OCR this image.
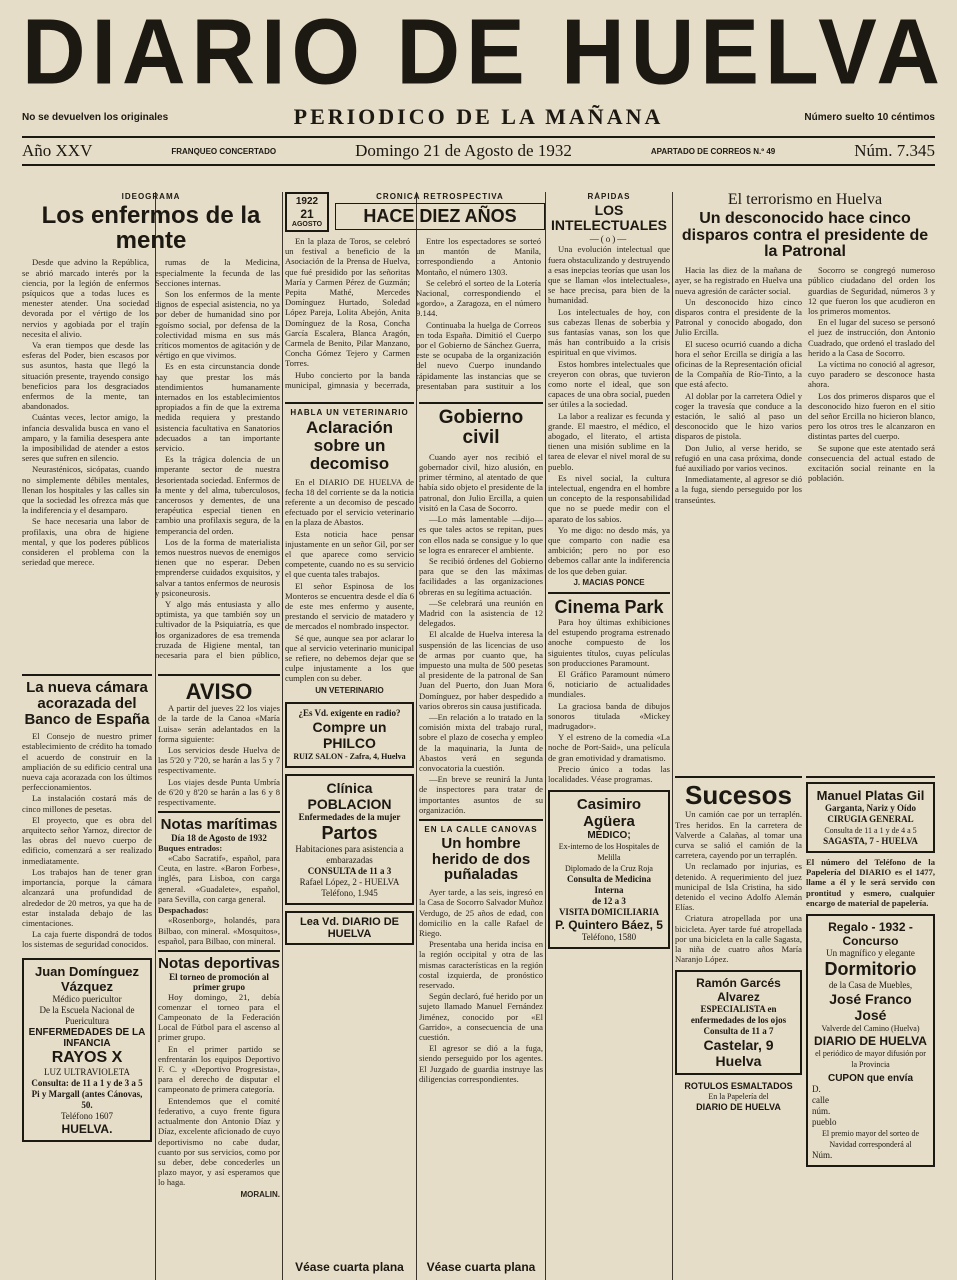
DIARIO DE HUELVA
No se devuelven los originales	PERIODICO DE LA MAÑANA	Número suelto 10 céntimos
Año XXV	FRANQUEO CONCERTADO	Domingo 21 de Agosto de 1932	APARTADO DE CORREOS N.º 49	Núm. 7.345
IDEOGRAMA
Los enfermos de la mente

Desde que advino la República, se abrió marcado interés por la ciencia, por la legión de enfermos psíquicos que a todas luces es menester atender. Una sociedad devorada por el vértigo de los nervios y agobiada por el trajín necesita el alivio.

Va eran tiempos que desde las esferas del Poder, bien escasos por sus asuntos, hasta que llegó la situación presente, trayendo consigo beneficios para los desgraciados enfermos de la mente, tan abandonados.

Cuántas veces, lector amigo, la infancia desvalida busca en vano el amparo, y la familia desespera ante la imposibilidad de atender a estos seres que sufren en silencio.

Neurasténicos, sicópatas, cuando no simplemente débiles mentales, llenan los hospitales y las calles sin que la sociedad les ofrezca más que la indiferencia y el desamparo.

Se hace necesaria una labor de profilaxis, una obra de higiene mental, y que los poderes públicos consideren el problema con la seriedad que merece.

rumas de la Medicina, especialmente la fecunda de las Secciones internas.

Son los enfermos de la mente dignos de especial asistencia, no ya por deber de humanidad sino por egoísmo social, por defensa de la colectividad misma en sus más críticos momentos de agitación y de vértigo en que vivimos.

Es en esta circunstancia donde hay que prestar los más atendimientos humanamente internados en los establecimientos apropiados a fin de que la extrema medida requiera y prestando asistencia facultativa en Sanatorios adecuados a tan importante servicio.

Es la trágica dolencia de un imperante sector de nuestra desorientada sociedad. Enfermos de la mente y del alma, tuberculosos, cancerosos y dementes, de una terapéutica especial tienen en cambio una profilaxis segura, de la temperancia del orden.

Los de la forma de materialista temos nuestros nuevos de enemigos tienen que no esperar. Deben emprenderse cuidados exquisitos, y salvar a tantos enfermos de neurosis y psiconeurosis.

Y algo más entusiasta y allo optimista, ya que también soy un cultivador de la Psiquiatría, es que los organizadores de esa tremenda cruzada de Higiene mental, tan necesaria para el bien público,

La nueva cámara acorazada del Banco de España

El Consejo de nuestro primer establecimiento de crédito ha tomado el acuerdo de construir en la ampliación de su edificio central una nueva caja acorazada con los últimos perfeccionamientos.

La instalación costará más de cinco millones de pesetas.

El proyecto, que es obra del arquitecto señor Yarnoz, director de las obras del nuevo cuerpo de edificio, comenzará a ser realizado inmediatamente.

Los trabajos han de tener gran importancia, porque la cámara alcanzará una profundidad de alrededor de 20 metros, ya que ha de estar instalada debajo de las cimentaciones.

La caja fuerte dispondrá de todos los sistemas de seguridad conocidos.

Juan Domínguez Vázquez
Médico puericultor
De la Escuela Nacional de Puericultura
ENFERMEDADES DE LA INFANCIA
RAYOS X
LUZ ULTRAVIOLETA
Consulta: de 11 a 1 y de 3 a 5
Pi y Margall (antes Cánovas, 50.
Teléfono 1607
HUELVA.
AVISO

A partir del jueves 22 los viajes de la tarde de la Canoa «María Luisa» serán adelantados en la forma siguiente:

Los servicios desde Huelva de las 5'20 y 7'20, se harán a las 5 y 7 respectivamente.

Los viajes desde Punta Umbría de 6'20 y 8'20 se harán a las 6 y 8 respectivamente.

Notas marítimas
Día 18 de Agosto de 1932
Buques entrados:

«Cabo Sacratif», español, para Ceuta, en lastre. «Baron Forbes», inglés, para Lisboa, con carga general. «Guadalete», español, para Sevilla, con carga general.

Despachados:

«Rosenborg», holandés, para Bilbao, con mineral. «Mosquitos», español, para Bilbao, con mineral.

Notas deportivas
El torneo de promoción al primer grupo

Hoy domingo, 21, debía comenzar el torneo para el Campeonato de la Federación Local de Fútbol para el ascenso al primer grupo.

En el primer partido se enfrentarán los equipos Deportivo F. C. y «Deportivo Progresista», para el derecho de disputar el campeonato de primera categoría.

Entendemos que el comité federativo, a cuyo frente figura actualmente don Antonio Díaz y Díaz, excelente aficionado de cuyo deportivismo no cabe dudar, cuanto por sus servicios, como por su deber, debe concederles un plazo mayor, y así esperamos que lo haga.

MORALIN.
1922
21
AGOSTO
CRONICA RETROSPECTIVA
HACE DIEZ AÑOS

En la plaza de Toros, se celebró un festival a beneficio de la Asociación de la Prensa de Huelva, que fué presidido por las señoritas María y Carmen Pérez de Guzmán; Pepita Mathé, Mercedes Domínguez Hurtado, Soledad López Pareja, Lolita Abejón, Anita Domínguez de la Rosa, Concha García Escalera, Blanca Aragón, Carmela de Benito, Pilar Manzano, Concha Gómez Tejero y Carmen Torres.

Hubo concierto por la banda municipal, gimnasia y becerrada,

Entre los espectadores se sorteó un mantón de Manila, correspondiendo a Antonio Montaño, el número 1303.

Se celebró el sorteo de la Lotería Nacional, correspondiendo el «gordo», a Zaragoza, en el número 9.144.

Continuaba la huelga de Correos en toda España. Dimitió el Cuerpo por el Gobierno de Sánchez Guerra, este se ocupaba de la organización del nuevo Cuerpo inundando rápidamente las instancias que se presentaban para sustituir a los

HABLA UN VETERINARIO
Aclaración sobre un decomiso

En el DIARIO DE HUELVA de fecha 18 del corriente se da la noticia referente a un decomiso de pescado efectuado por el servicio veterinario en la plaza de Abastos.

Esta noticia hace pensar injustamente en un señor Gil, por ser el que aparece como servicio competente, cuando no es su servicio el que cuenta tales trabajos.

El señor Espinosa de los Monteros se encuentra desde el día 6 de este mes enfermo y ausente, prestando el servicio de matadero y de mercados el nombrado inspector.

Sé que, aunque sea por aclarar lo que al servicio veterinario municipal se refiere, no debemos dejar que se culpe injustamente a los que cumplen con su deber.

UN VETERINARIO
¿Es Vd. exigente en radio?
Compre un PHILCO
RUIZ SALON - Zafra, 4, Huelva
Clínica POBLACION
Enfermedades de la mujer
Partos
Habitaciones para asistencia a embarazadas
CONSULTA de 11 a 3
Rafael López, 2 - HUELVA
Teléfono, 1.945
Lea Vd. DIARIO DE HUELVA
Gobierno civil

Cuando ayer nos recibió el gobernador civil, hizo alusión, en primer término, al atentado de que había sido objeto el presidente de la patronal, don Julio Ercilla, a quien visitó en la Casa de Socorro.

—Lo más lamentable —dijo— es que tales actos se repitan, pues con ellos nada se consigue y lo que se logra es enrarecer el ambiente.

Se recibió órdenes del Gobierno para que se den las máximas facilidades a las organizaciones obreras en su legítima actuación.

—Se celebrará una reunión en Madrid con la asistencia de 12 delegados.

El alcalde de Huelva interesa la suspensión de las licencias de uso de armas por cuanto que, ha impuesto una multa de 500 pesetas al presidente de la patronal de San Juan del Puerto, don Juan Mora Domínguez, por haber despedido a varios obreros sin causa justificada.

—En relación a lo tratado en la comisión mixta del trabajo rural, sobre el plazo de cosecha y empleo de la maquinaria, la Junta de Abastos verá en segunda convocatoria la cuestión.

—En breve se reunirá la Junta de inspectores para tratar de importantes asuntos de su organización.

EN LA CALLE CANOVAS
Un hombre herido de dos puñaladas

Ayer tarde, a las seis, ingresó en la Casa de Socorro Salvador Muñoz Verdugo, de 25 años de edad, con domicilio en la calle Rafael de Riego.

Presentaba una herida incisa en la región occipital y otra de las mismas características en la región costal izquierda, de pronóstico reservado.

Según declaró, fué herido por un sujeto llamado Manuel Fernández Jiménez, conocido por «El Garrido», a consecuencia de una cuestión.

El agresor se dió a la fuga, siendo perseguido por los agentes. El Juzgado de guardia instruye las diligencias correspondientes.

RÁPIDAS
LOS INTELECTUALES
—(o)—

Una evolución intelectual que fuera obstaculizando y destruyendo a esas inepcias teorías que usan los que se llaman «los intelectuales», se hace precisa, para bien de la humanidad.

Los intelectuales de hoy, con sus cabezas llenas de soberbia y sus fantasías vanas, son los que más han contribuido a la crisis espiritual en que vivimos.

Estos hombres intelectuales que creyeron con obras, que tuvieron como norte el ideal, que son capaces de una obra social, pueden ser útiles a la sociedad.

La labor a realizar es fecunda y grande. El maestro, el médico, el abogado, el literato, el artista tienen una misión sublime en la tarea de elevar el nivel moral de su pueblo.

Es nivel social, la cultura intelectual, engendra en el hombre un concepto de la responsabilidad que no se puede medir con el aparato de los sabios.

Yo me digo: no desdo más, ya que comparto con nadie esa ambición; pero no por eso debemos callar ante la indiferencia de los que deben guiar.

J. MACIAS PONCE
Cinema Park

Para hoy últimas exhibiciones del estupendo programa estrenado anoche compuesto de los siguientes títulos, cuyas películas son producciones Paramount.

El Gráfico Paramount número 6, noticiario de actualidades mundiales.

La graciosa banda de dibujos sonoros titulada «Mickey madrugador».

Y el estreno de la comedia «La noche de Port-Said», una película de gran emotividad y dramatismo.

Precio único a todas las localidades. Véase programas.

Casimiro Agüera
MÉDICO;
Ex-interno de los Hospitales de Melilla
Diplomado de la Cruz Roja
Consulta de Medicina Interna
de 12 a 3
VISITA DOMICILIARIA
P. Quintero Báez, 5
Teléfono, 1580
El terrorismo en Huelva
Un desconocido hace cinco disparos contra el presidente de la Patronal

Hacia las diez de la mañana de ayer, se ha registrado en Huelva una nueva agresión de carácter social.

Un desconocido hizo cinco disparos contra el presidente de la Patronal y conocido abogado, don Julio Ercilla.

El suceso ocurrió cuando a dicha hora el señor Ercilla se dirigía a las oficinas de la Representación oficial de la Compañía de Río-Tinto, a la que está afecto.

Al doblar por la carretera Odiel y coger la travesía que conduce a la estación, le salió al paso un desconocido que le hizo varios disparos de pistola.

Don Julio, al verse herido, se refugió en una casa próxima, donde fué auxiliado por varios vecinos.

Inmediatamente, al agresor se dió a la fuga, siendo perseguido por los transeúntes.

Socorro se congregó numeroso público ciudadano del orden los guardias de Seguridad, números 3 y 12 que fueron los que acudieron en los primeros momentos.

En el lugar del suceso se personó el juez de instrucción, don Antonio Cuadrado, que ordenó el traslado del herido a la Casa de Socorro.

La víctima no conoció al agresor, cuyo paradero se desconoce hasta ahora.

Los dos primeros disparos que el desconocido hizo fueron en el sitio del señor Ercilla no hicieron blanco, pero los otros tres le alcanzaron en distintas partes del cuerpo.

Se supone que este atentado será consecuencia del actual estado de excitación social reinante en la población.

Sucesos

Un camión cae por un terraplén. Tres heridos. En la carretera de Valverde a Calañas, al tomar una curva se salió el camión de la carretera, cayendo por un terraplén.

Un reclamado por injurias, es detenido. A requerimiento del juez municipal de Isla Cristina, ha sido detenido el vecino Adolfo Alemán Elías.

Criatura atropellada por una bicicleta. Ayer tarde fué atropellada por una bicicleta en la calle Sagasta, la niña de cuatro años María Naranjo López.

Ramón Garcés Alvarez
ESPECIALISTA en
enfermedades de los ojos
Consulta de 11 a 7
Castelar, 9 Huelva
ROTULOS ESMALTADOS
En la Papelería del
DIARIO DE HUELVA
Manuel Platas Gil
Garganta, Nariz y Oído
CIRUGIA GENERAL
Consulta de 11 a 1 y de 4 a 5
SAGASTA, 7 - HUELVA
El número del Teléfono de la Papelería del DIARIO es el 1477, llame a él y le será servido con prontitud y esmero, cualquier encargo de material de papelería.
Regalo - 1932 - Concurso
Un magnífico y elegante
Dormitorio
de la Casa de Muebles,
José Franco José
Valverde del Camino (Huelva)
DIARIO DE HUELVA
el periódico de mayor difusión por la Provincia
CUPON que envía
D.
calle
núm.
pueblo
El premio mayor del sorteo de Navidad corresponderá al
Núm.
Véase cuarta plana	Véase cuarta plana
